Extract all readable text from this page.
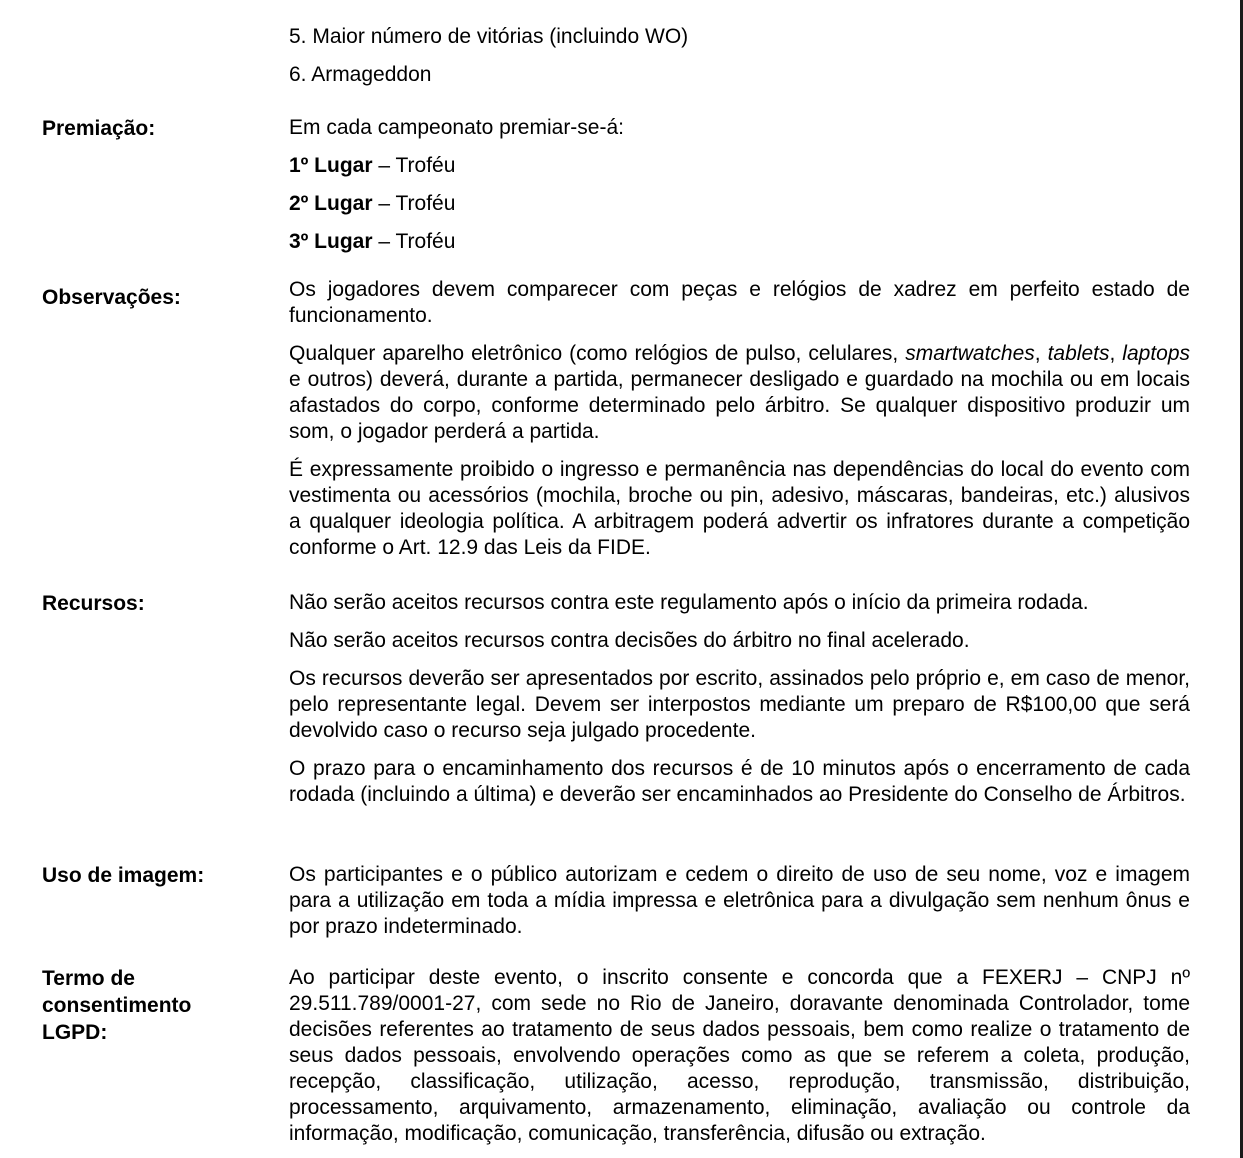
5. Maior número de vitórias (incluindo WO)

6. Armageddon

Premiação:	Em cada campeonato premiar-se-á:

1º Lugar – Troféu

2º Lugar – Troféu

3º Lugar – Troféu

Observações:	Os jogadores devem comparecer com peças e relógios de xadrez em perfeito estado de funcionamento.

Qualquer aparelho eletrônico (como relógios de pulso, celulares, smartwatches, tablets, laptops e outros) deverá, durante a partida, permanecer desligado e guardado na mochila ou em locais afastados do corpo, conforme determinado pelo árbitro. Se qualquer dispositivo produzir um som, o jogador perderá a partida.

É expressamente proibido o ingresso e permanência nas dependências do local do evento com vestimenta ou acessórios (mochila, broche ou pin, adesivo, máscaras, bandeiras, etc.) alusivos a qualquer ideologia política. A arbitragem poderá advertir os infratores durante a competição conforme o Art. 12.9 das Leis da FIDE.

Recursos:	Não serão aceitos recursos contra este regulamento após o início da primeira rodada.

Não serão aceitos recursos contra decisões do árbitro no final acelerado.

Os recursos deverão ser apresentados por escrito, assinados pelo próprio e, em caso de menor, pelo representante legal. Devem ser interpostos mediante um preparo de R$100,00 que será devolvido caso o recurso seja julgado procedente.

O prazo para o encaminhamento dos recursos é de 10 minutos após o encerramento de cada rodada (incluindo a última) e deverão ser encaminhados ao Presidente do Conselho de Árbitros.

Uso de imagem:	Os participantes e o público autorizam e cedem o direito de uso de seu nome, voz e imagem para a utilização em toda a mídia impressa e eletrônica para a divulgação sem nenhum ônus e por prazo indeterminado.

Termo de
consentimento
LGPD:

Ao participar deste evento, o inscrito consente e concorda que a FEXERJ – CNPJ nº 29.511.789/0001-27, com sede no Rio de Janeiro, doravante denominada Controlador, tome decisões referentes ao tratamento de seus dados pessoais, bem como realize o tratamento de seus dados pessoais, envolvendo operações como as que se referem a coleta, produção, recepção, classificação, utilização, acesso, reprodução, transmissão, distribuição, processamento, arquivamento, armazenamento, eliminação, avaliação ou controle da informação, modificação, comunicação, transferência, difusão ou extração.
